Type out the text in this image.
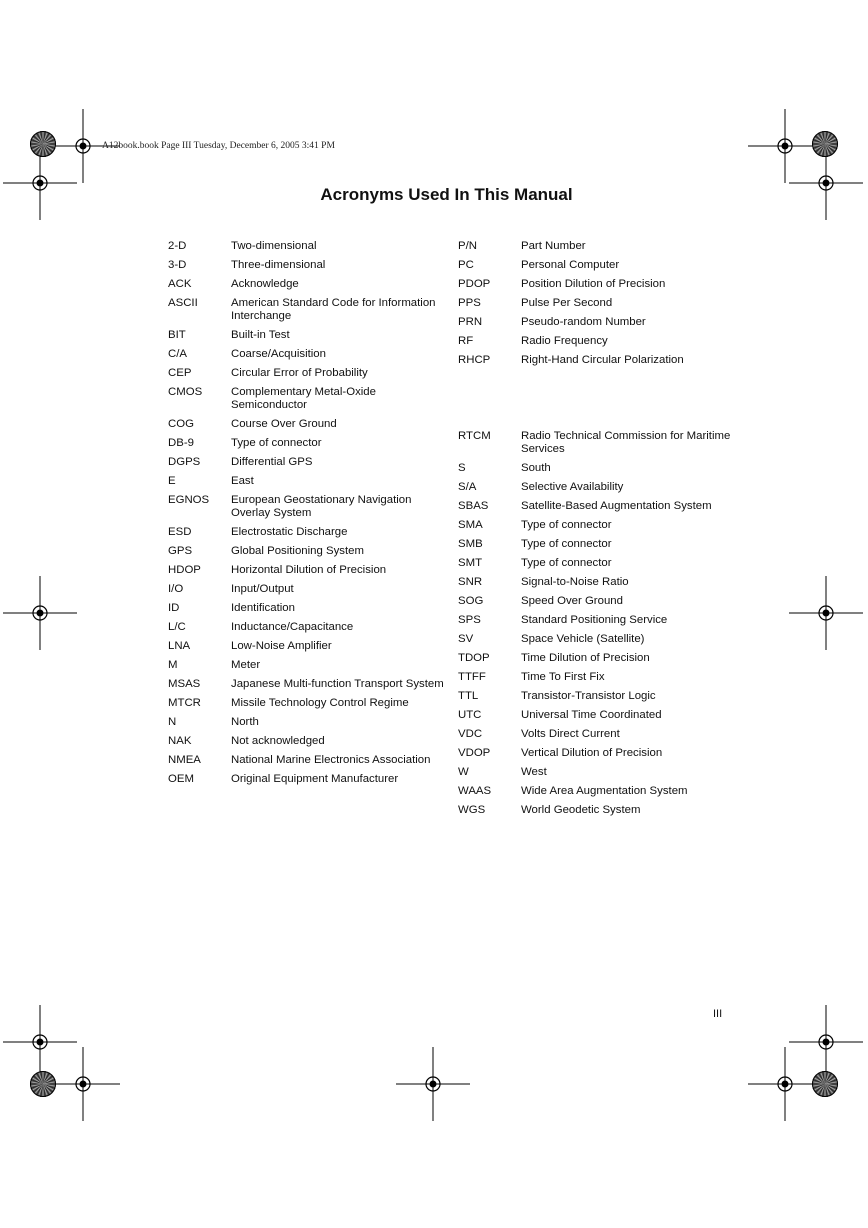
A12book.book Page III Tuesday, December 6, 2005 3:41 PM
Acronyms Used In This Manual
2-D	Two-dimensional
3-D	Three-dimensional
ACK	Acknowledge
ASCII	American Standard Code for Information Interchange
BIT	Built-in Test
C/A	Coarse/Acquisition
CEP	Circular Error of Probability
CMOS	Complementary Metal-Oxide Semiconductor
COG	Course Over Ground
DB-9	Type of connector
DGPS	Differential GPS
E	East
EGNOS	European Geostationary Navigation Overlay System
ESD	Electrostatic Discharge
GPS	Global Positioning System
HDOP	Horizontal Dilution of Precision
I/O	Input/Output
ID	Identification
L/C	Inductance/Capacitance
LNA	Low-Noise Amplifier
M	Meter
MSAS	Japanese Multi-function Transport System
MTCR	Missile Technology Control Regime
N	North
NAK	Not acknowledged
NMEA	National Marine Electronics Association
OEM	Original Equipment Manufacturer
P/N	Part Number
PC	Personal Computer
PDOP	Position Dilution of Precision
PPS	Pulse Per Second
PRN	Pseudo-random Number
RF	Radio Frequency
RHCP	Right-Hand Circular Polarization
RTCM	Radio Technical Commission for Maritime Services
S	South
S/A	Selective Availability
SBAS	Satellite-Based Augmentation System
SMA	Type of connector
SMB	Type of connector
SMT	Type of connector
SNR	Signal-to-Noise Ratio
SOG	Speed Over Ground
SPS	Standard Positioning Service
SV	Space Vehicle (Satellite)
TDOP	Time Dilution of Precision
TTFF	Time To First Fix
TTL	Transistor-Transistor Logic
UTC	Universal Time Coordinated
VDC	Volts Direct Current
VDOP	Vertical Dilution of Precision
W	West
WAAS	Wide Area Augmentation System
WGS	World Geodetic System
III
